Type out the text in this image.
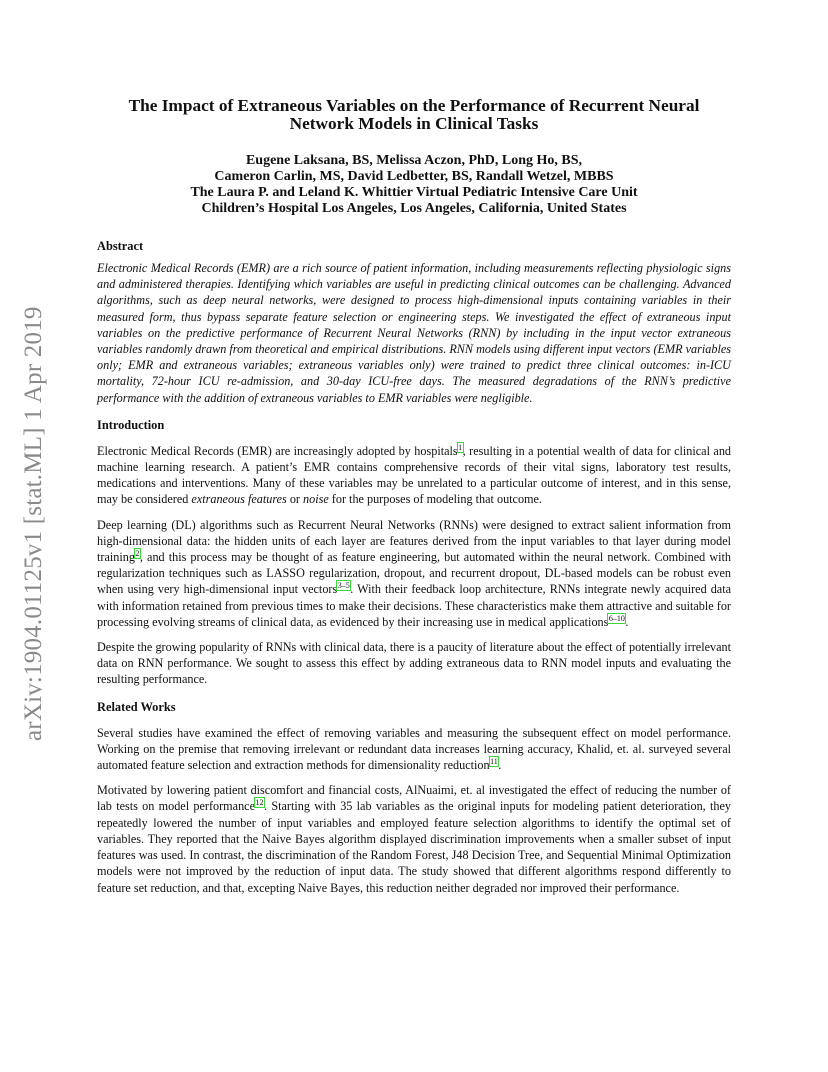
arXiv:1904.01125v1 [stat.ML] 1 Apr 2019
The Impact of Extraneous Variables on the Performance of Recurrent Neural
Network Models in Clinical Tasks
Eugene Laksana, BS, Melissa Aczon, PhD, Long Ho, BS,
Cameron Carlin, MS, David Ledbetter, BS, Randall Wetzel, MBBS
The Laura P. and Leland K. Whittier Virtual Pediatric Intensive Care Unit
Children’s Hospital Los Angeles, Los Angeles, California, United States
Abstract

Electronic Medical Records (EMR) are a rich source of patient information, including measurements reflecting physiologic signs and administered therapies. Identifying which variables are useful in predicting clinical outcomes can be challenging. Advanced algorithms, such as deep neural networks, were designed to process high-dimensional inputs containing variables in their measured form, thus bypass separate feature selection or engineering steps. We investigated the effect of extraneous input variables on the predictive performance of Recurrent Neural Networks (RNN) by including in the input vector extraneous variables randomly drawn from theoretical and empirical distributions. RNN models using different input vectors (EMR variables only; EMR and extraneous variables; extraneous variables only) were trained to predict three clinical outcomes: in-ICU mortality, 72-hour ICU re-admission, and 30-day ICU-free days. The measured degradations of the RNN’s predictive performance with the addition of extraneous variables to EMR variables were negligible.

Introduction

Electronic Medical Records (EMR) are increasingly adopted by hospitals$^1$, resulting in a potential wealth of data for clinical and machine learning research. A patient’s EMR contains comprehensive records of their vital signs, laboratory test results, medications and interventions. Many of these variables may be unrelated to a particular outcome of interest, and in this sense, may be considered extraneous features or noise for the purposes of modeling that outcome.

Deep learning (DL) algorithms such as Recurrent Neural Networks (RNNs) were designed to extract salient information from high-dimensional data: the hidden units of each layer are features derived from the input variables to that layer during model training$^2$, and this process may be thought of as feature engineering, but automated within the neural network. Combined with regularization techniques such as LASSO regularization, dropout, and recurrent dropout, DL-based models can be robust even when using very high-dimensional input vectors$^{3-5}$. With their feedback loop architecture, RNNs integrate newly acquired data with information retained from previous times to make their decisions. These characteristics make them attractive and suitable for processing evolving streams of clinical data, as evidenced by their increasing use in medical applications$^{6-10}$.

Despite the growing popularity of RNNs with clinical data, there is a paucity of literature about the effect of potentially irrelevant data on RNN performance. We sought to assess this effect by adding extraneous data to RNN model inputs and evaluating the resulting performance.

Related Works

Several studies have examined the effect of removing variables and measuring the subsequent effect on model performance. Working on the premise that removing irrelevant or redundant data increases learning accuracy, Khalid, et. al. surveyed several automated feature selection and extraction methods for dimensionality reduction$^{11}$.

Motivated by lowering patient discomfort and financial costs, AlNuaimi, et. al investigated the effect of reducing the number of lab tests on model performance$^{12}$. Starting with 35 lab variables as the original inputs for modeling patient deterioration, they repeatedly lowered the number of input variables and employed feature selection algorithms to identify the optimal set of variables. They reported that the Naive Bayes algorithm displayed discrimination improvements when a smaller subset of input features was used. In contrast, the discrimination of the Random Forest, J48 Decision Tree, and Sequential Minimal Optimization models were not improved by the reduction of input data. The study showed that different algorithms respond differently to feature set reduction, and that, excepting Naive Bayes, this reduction neither degraded nor improved their performance.
